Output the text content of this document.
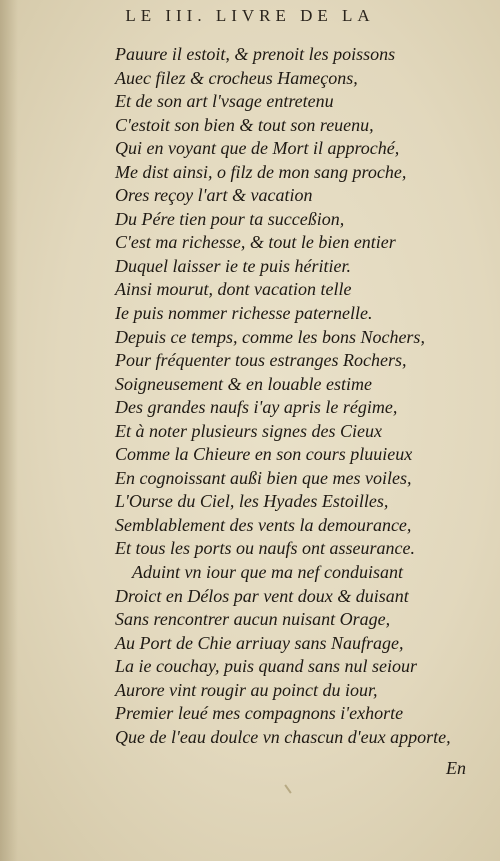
LE III. LIVRE DE LA
Pauure il estoit, & prenoit les poissons
Auec filez & crocheus Hameçons,
Et de son art l'vsage entretenu
C'estoit son bien & tout son reuenu,
Qui en voyant que de Mort il approché,
Me dist ainsi, o filz de mon sang proche,
Ores reçoy l'art & vacation
Du Pére tien pour ta succeßion,
C'est ma richesse, & tout le bien entier
Duquel laisser ie te puis héritier.
Ainsi mourut, dont vacation telle
Ie puis nommer richesse paternelle.
Depuis ce temps, comme les bons Nochers,
Pour fréquenter tous estranges Rochers,
Soigneusement & en louable estime
Des grandes naufs i'ay apris le régime,
Et à noter plusieurs signes des Cieux
Comme la Chieure en son cours pluuieux
En cognoissant außi bien que mes voiles,
L'Ourse du Ciel, les Hyades Estoilles,
Semblablement des vents la demourance,
Et tous les ports ou naufs ont asseurance.
Aduint vn iour que ma nef conduisant
Droict en Délos par vent doux & duisant
Sans rencontrer aucun nuisant Orage,
Au Port de Chie arriuay sans Naufrage,
La ie couchay, puis quand sans nul seiour
Aurore vint rougir au poinct du iour,
Premier leué mes compagnons i'exhorte
Que de l'eau doulce vn chascun d'eux apporte,
En
